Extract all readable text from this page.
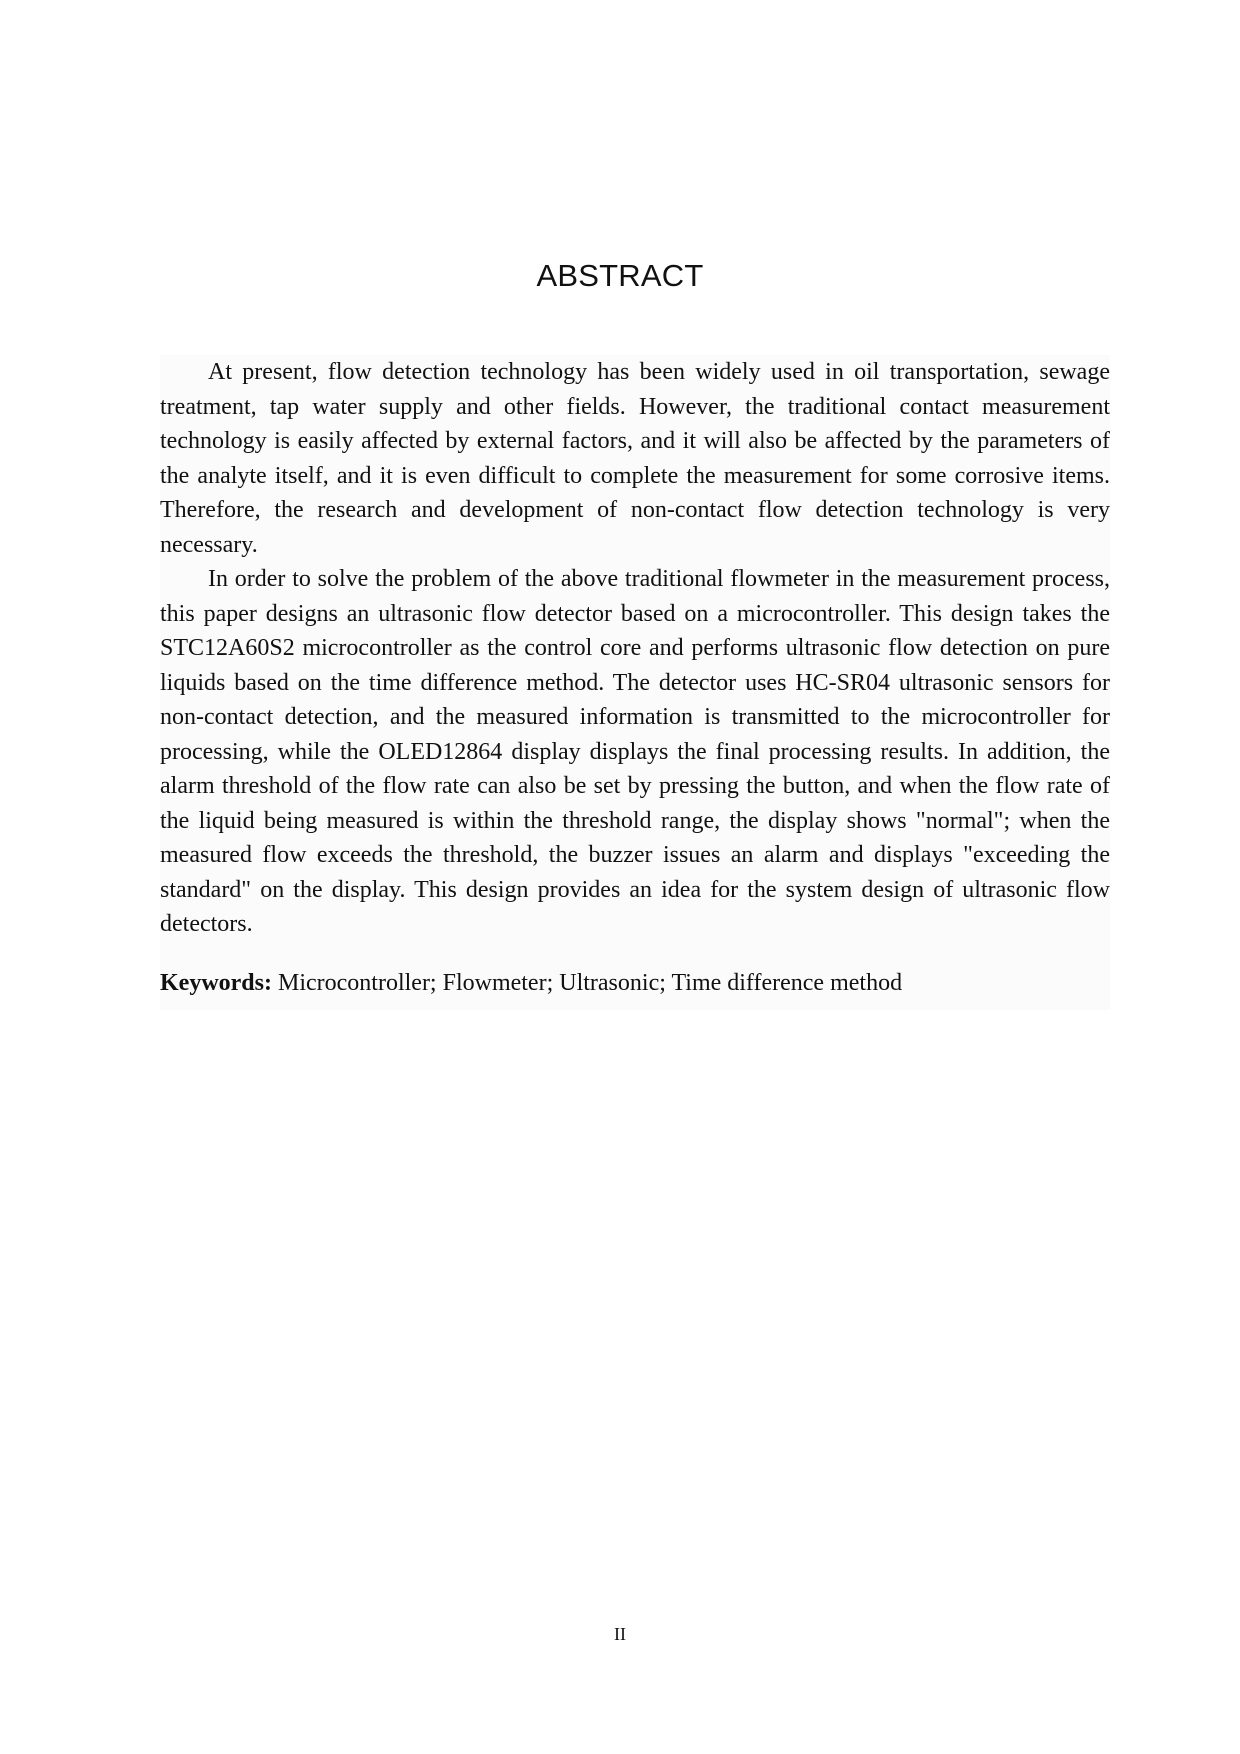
ABSTRACT

At present, flow detection technology has been widely used in oil transportation, sewage treatment, tap water supply and other fields. However, the traditional contact measurement technology is easily affected by external factors, and it will also be affected by the parameters of the analyte itself, and it is even difficult to complete the measurement for some corrosive items. Therefore, the research and development of non-contact flow detection technology is very necessary.

In order to solve the problem of the above traditional flowmeter in the measurement process, this paper designs an ultrasonic flow detector based on a microcontroller. This design takes the STC12A60S2 microcontroller as the control core and performs ultrasonic flow detection on pure liquids based on the time difference method. The detector uses HC-SR04 ultrasonic sensors for non-contact detection, and the measured information is transmitted to the microcontroller for processing, while the OLED12864 display displays the final processing results. In addition, the alarm threshold of the flow rate can also be set by pressing the button, and when the flow rate of the liquid being measured is within the threshold range, the display shows "normal"; when the measured flow exceeds the threshold, the buzzer issues an alarm and displays "exceeding the standard" on the display. This design provides an idea for the system design of ultrasonic flow detectors.

Keywords: Microcontroller; Flowmeter; Ultrasonic; Time difference method

II
